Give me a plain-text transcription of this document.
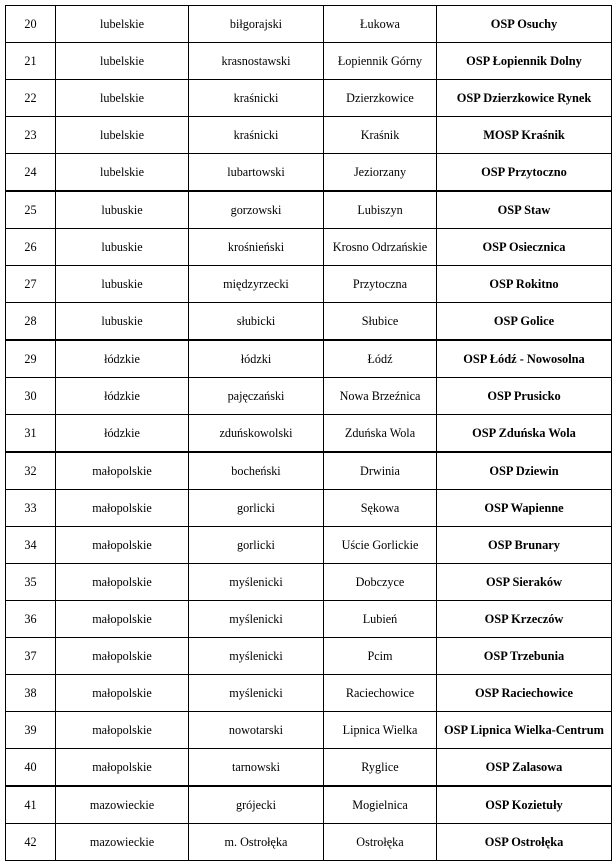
20	lubelskie	biłgorajski	Łukowa	OSP Osuchy
21	lubelskie	krasnostawski	Łopiennik Górny	OSP Łopiennik Dolny
22	lubelskie	kraśnicki	Dzierzkowice	OSP Dzierzkowice Rynek
23	lubelskie	kraśnicki	Kraśnik	MOSP Kraśnik
24	lubelskie	lubartowski	Jeziorzany	OSP Przytoczno
25	lubuskie	gorzowski	Lubiszyn	OSP Staw
26	lubuskie	krośnieński	Krosno Odrzańskie	OSP Osiecznica
27	lubuskie	międzyrzecki	Przytoczna	OSP Rokitno
28	lubuskie	słubicki	Słubice	OSP Golice
29	łódzkie	łódzki	Łódź	OSP Łódź - Nowosolna
30	łódzkie	pajęczański	Nowa Brzeźnica	OSP Prusicko
31	łódzkie	zduńskowolski	Zduńska Wola	OSP Zduńska Wola
32	małopolskie	bocheński	Drwinia	OSP Dziewin
33	małopolskie	gorlicki	Sękowa	OSP Wapienne
34	małopolskie	gorlicki	Uście Gorlickie	OSP Brunary
35	małopolskie	myślenicki	Dobczyce	OSP Sieraków
36	małopolskie	myślenicki	Lubień	OSP Krzeczów
37	małopolskie	myślenicki	Pcim	OSP Trzebunia
38	małopolskie	myślenicki	Raciechowice	OSP Raciechowice
39	małopolskie	nowotarski	Lipnica Wielka	OSP Lipnica Wielka-Centrum
40	małopolskie	tarnowski	Ryglice	OSP Zalasowa
41	mazowieckie	grójecki	Mogielnica	OSP Kozietuły
42	mazowieckie	m. Ostrołęka	Ostrołęka	OSP Ostrołęka
